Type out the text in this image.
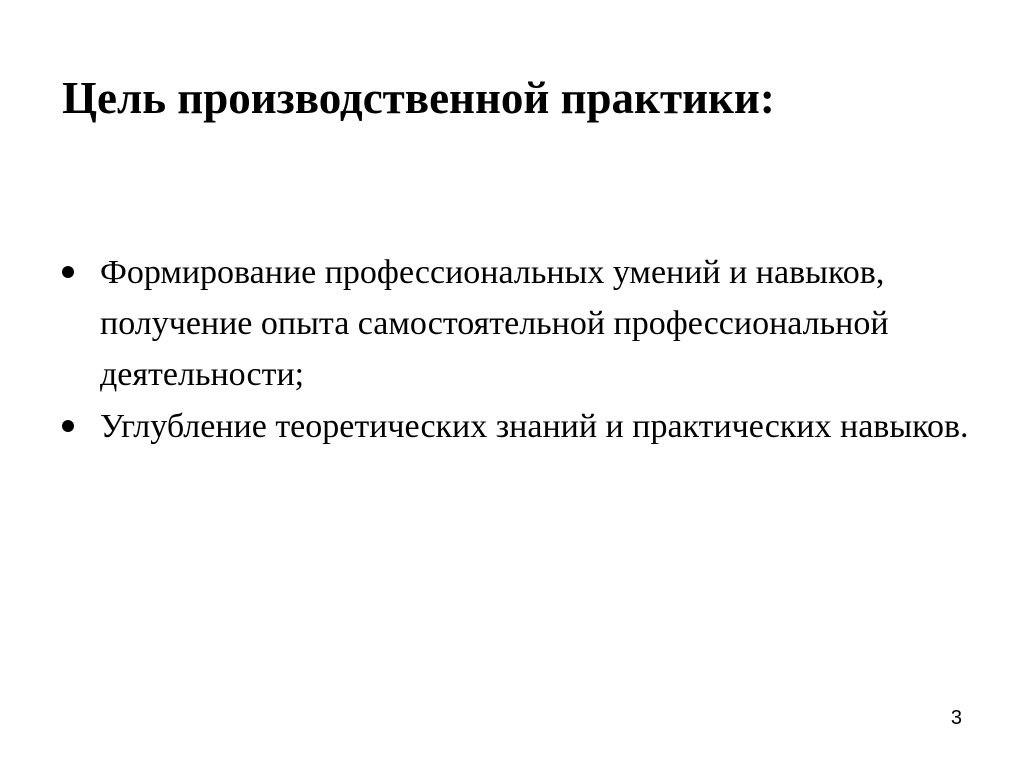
Цель производственной практики:
Формирование профессиональных умений и навыков, получение опыта самостоятельной профессиональной деятельности;
Углубление теоретических знаний и практических навыков.
3
